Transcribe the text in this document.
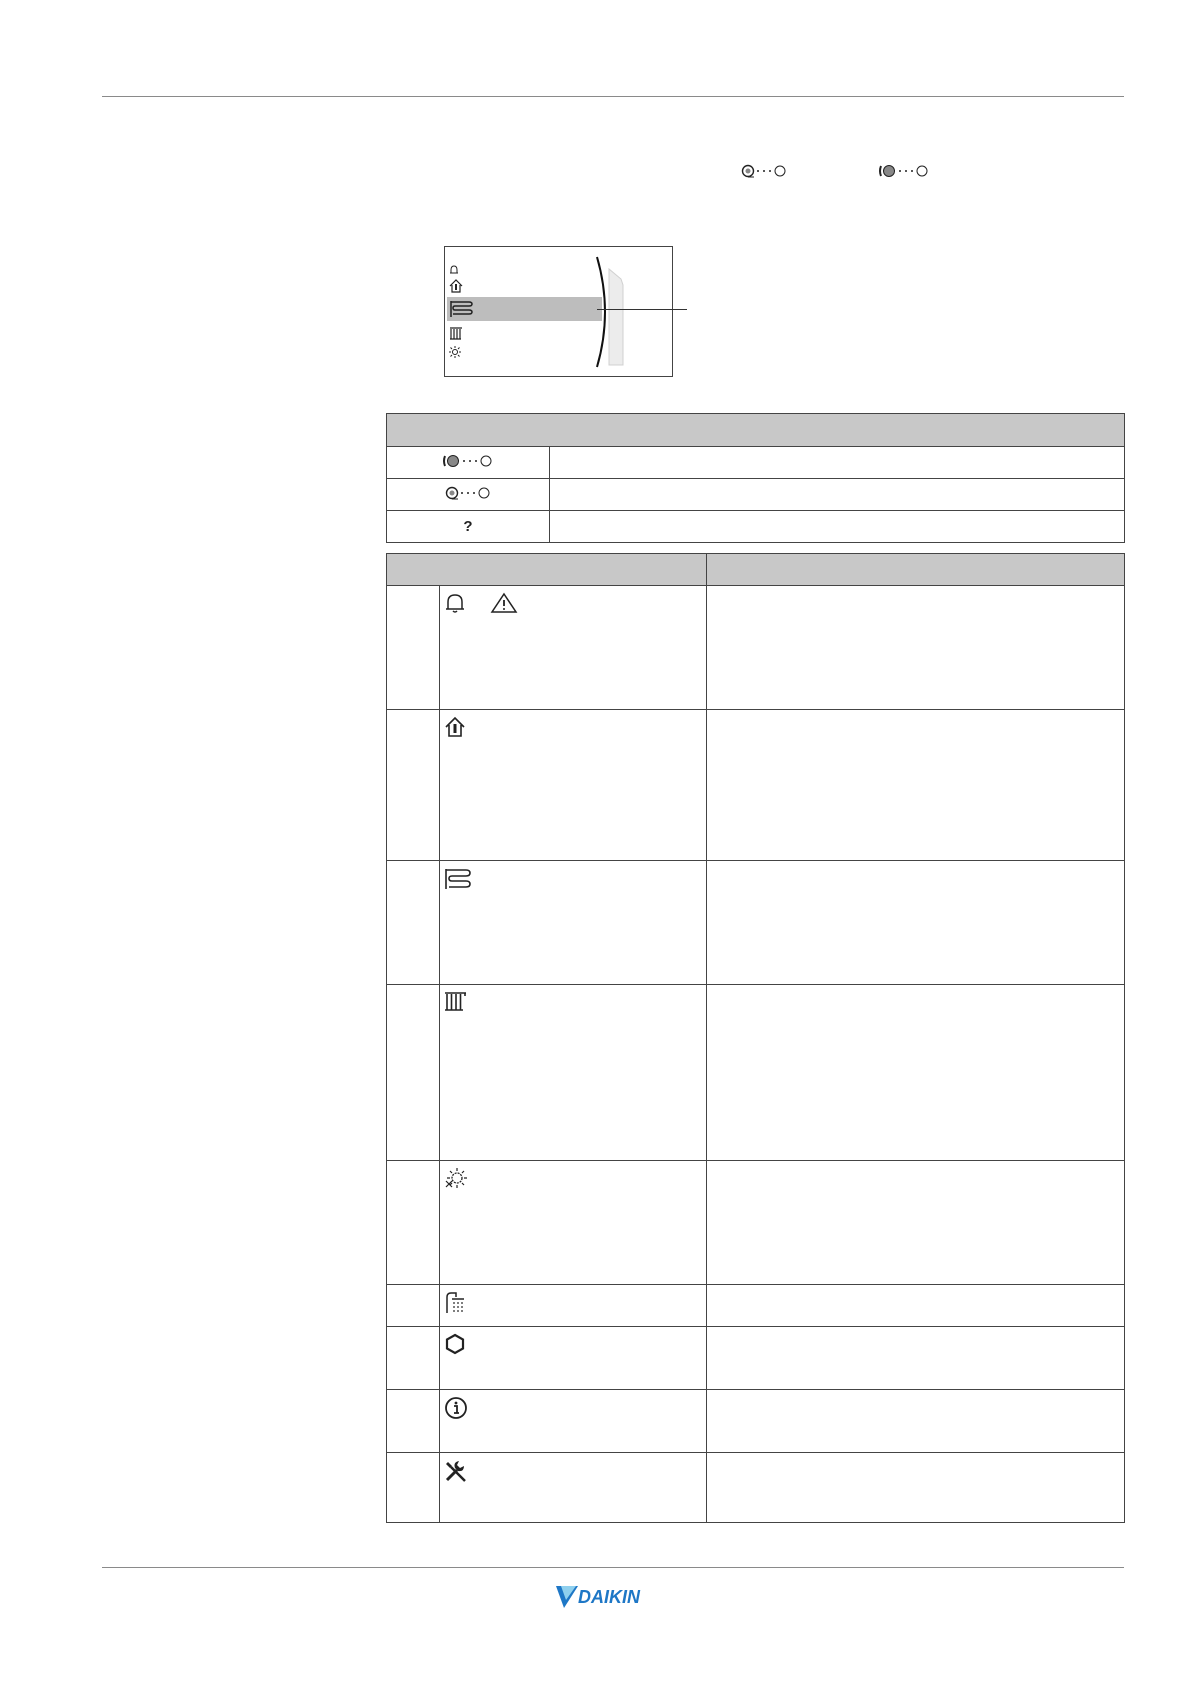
?	

DAIKIN
